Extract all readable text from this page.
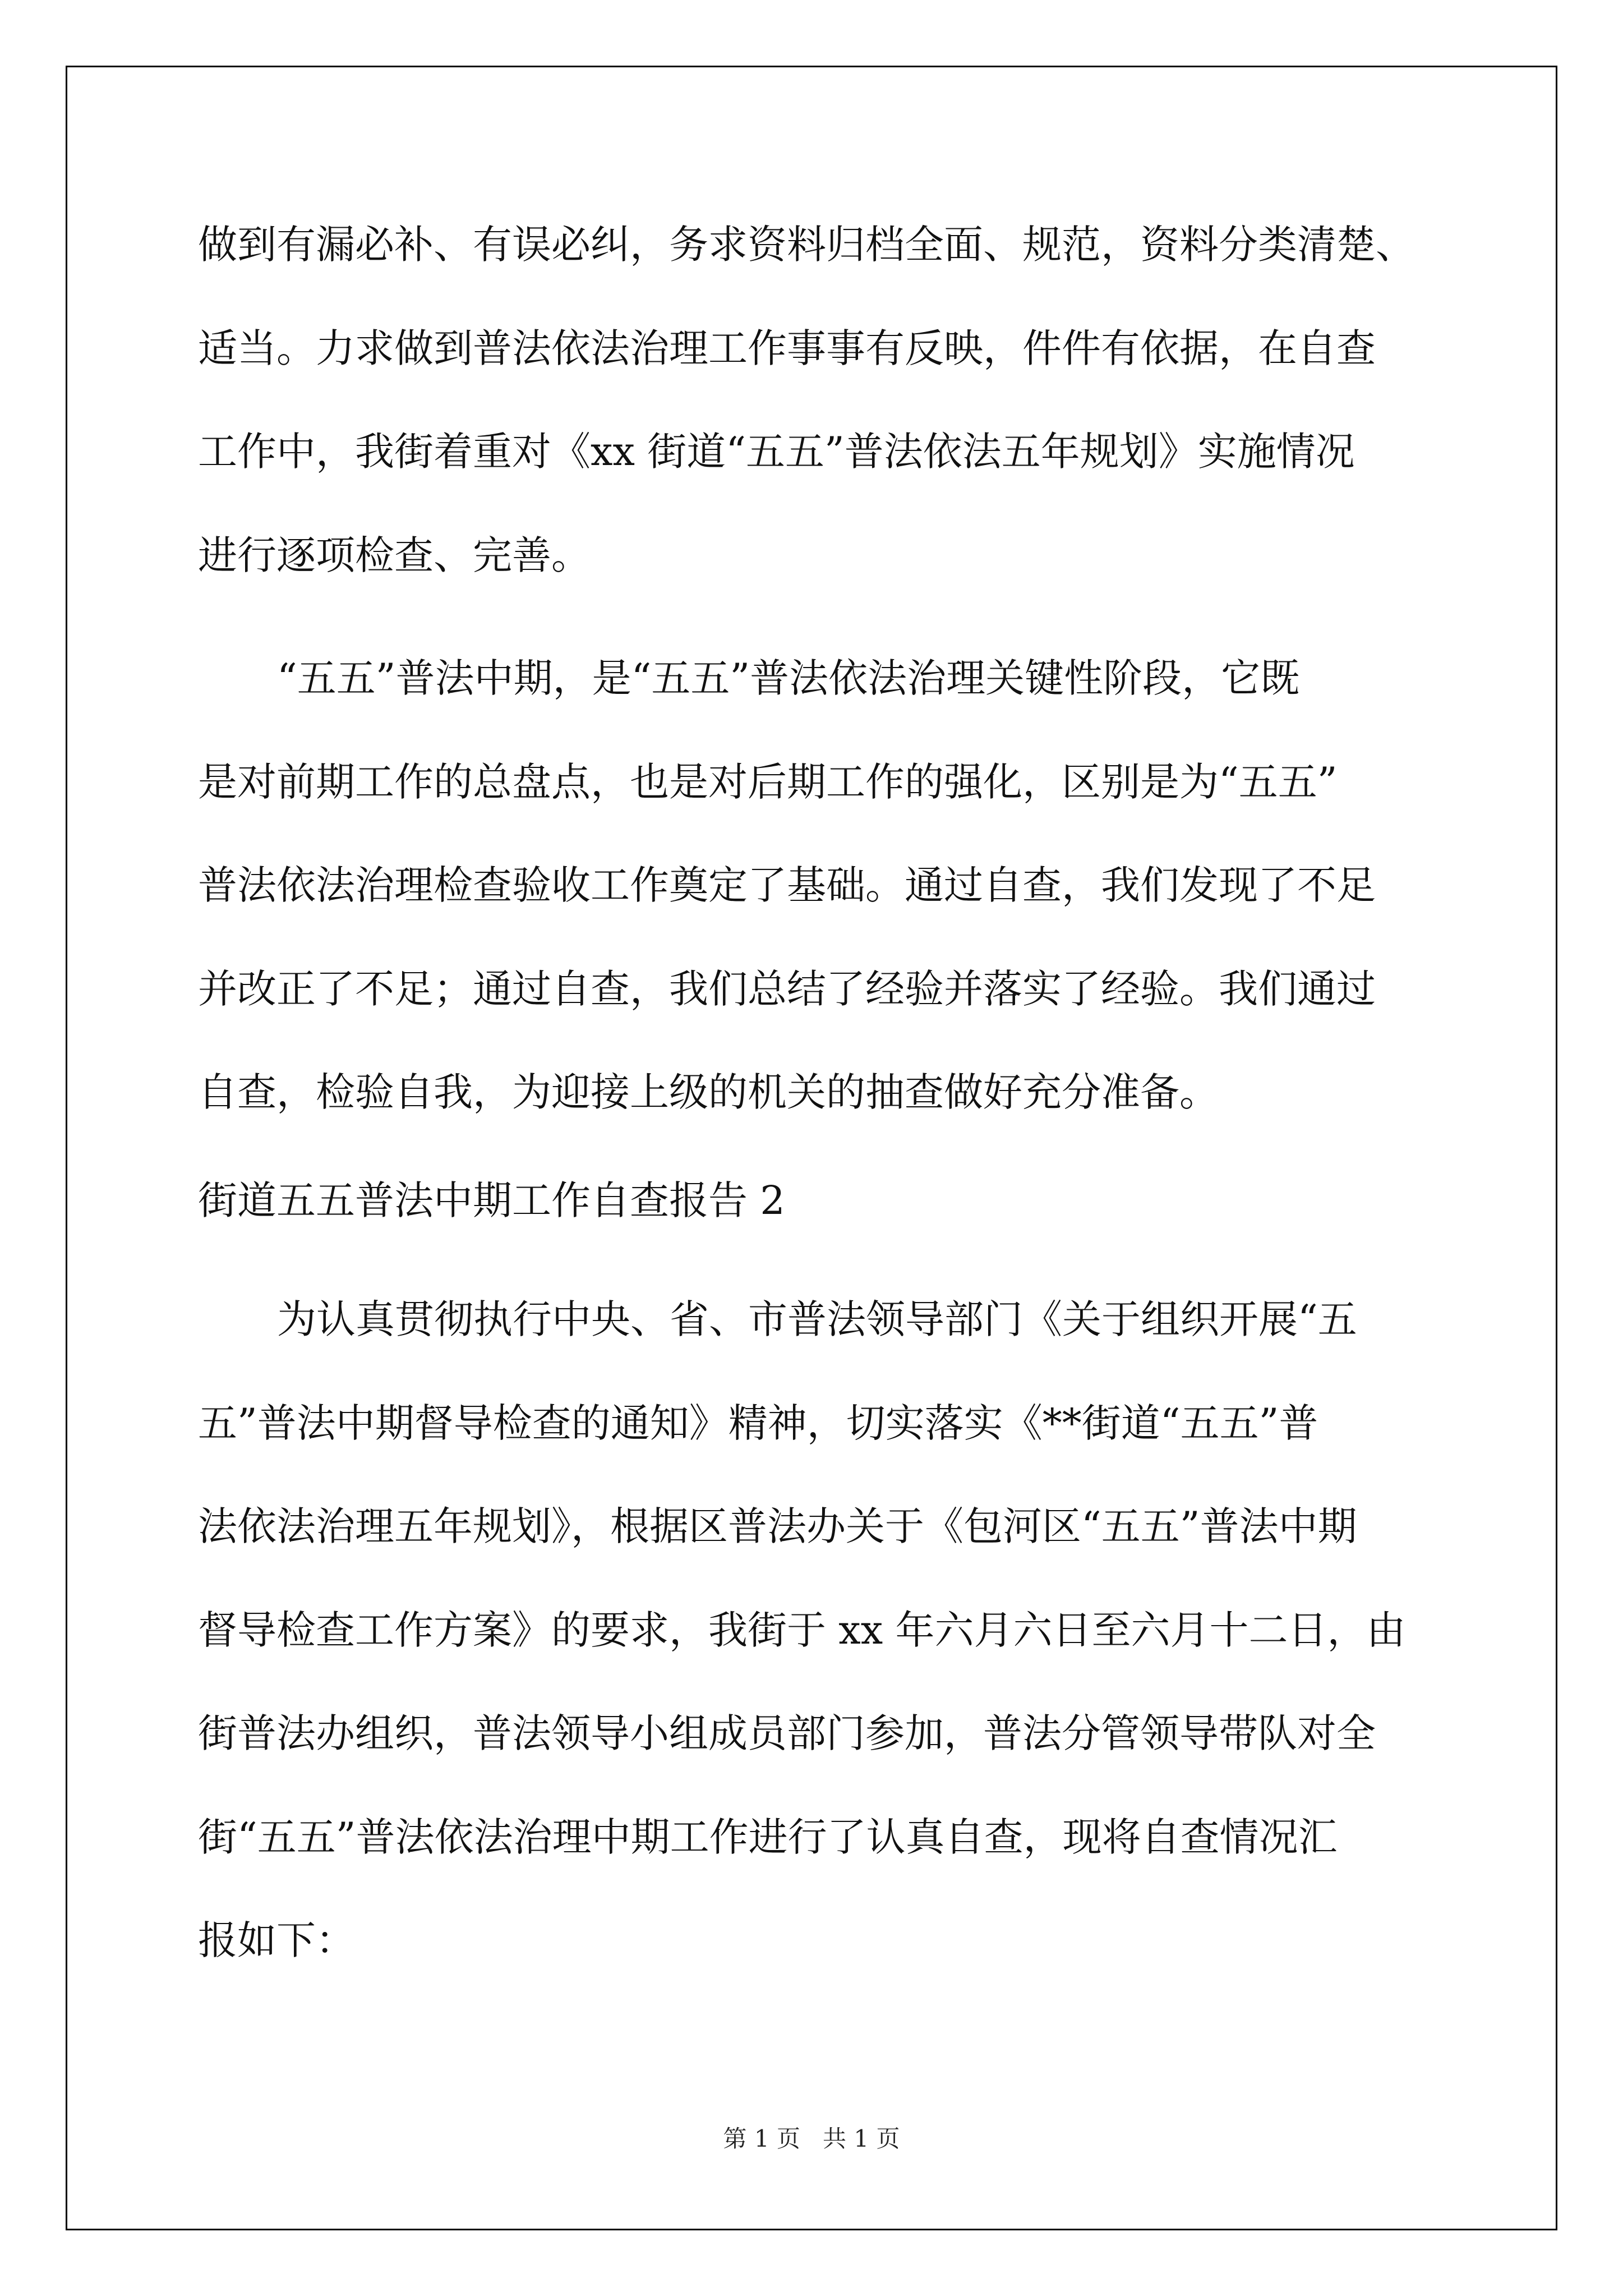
做到有漏必补、有误必纠，务求资料归档全面、规范，资料分类清楚、

适当。力求做到普法依法治理工作事事有反映，件件有依据，在自查

工作中，我街着重对《xx 街道“五五”普法依法五年规划》实施情况

进行逐项检查、完善。

“五五”普法中期，是“五五”普法依法治理关键性阶段，它既

是对前期工作的总盘点，也是对后期工作的强化，区别是为“五五”

普法依法治理检查验收工作奠定了基础。通过自查，我们发现了不足

并改正了不足；通过自查，我们总结了经验并落实了经验。我们通过

自查，检验自我，为迎接上级的机关的抽查做好充分准备。

街道五五普法中期工作自查报告 2

为认真贯彻执行中央、省、市普法领导部门《关于组织开展“五

五”普法中期督导检查的通知》精神，切实落实《**街道“五五”普

法依法治理五年规划》，根据区普法办关于《包河区“五五”普法中期

督导检查工作方案》的要求，我街于 xx 年六月六日至六月十二日，由

街普法办组织，普法领导小组成员部门参加，普法分管领导带队对全

街“五五”普法依法治理中期工作进行了认真自查，现将自查情况汇

报如下：

第 1 页   共 1 页
